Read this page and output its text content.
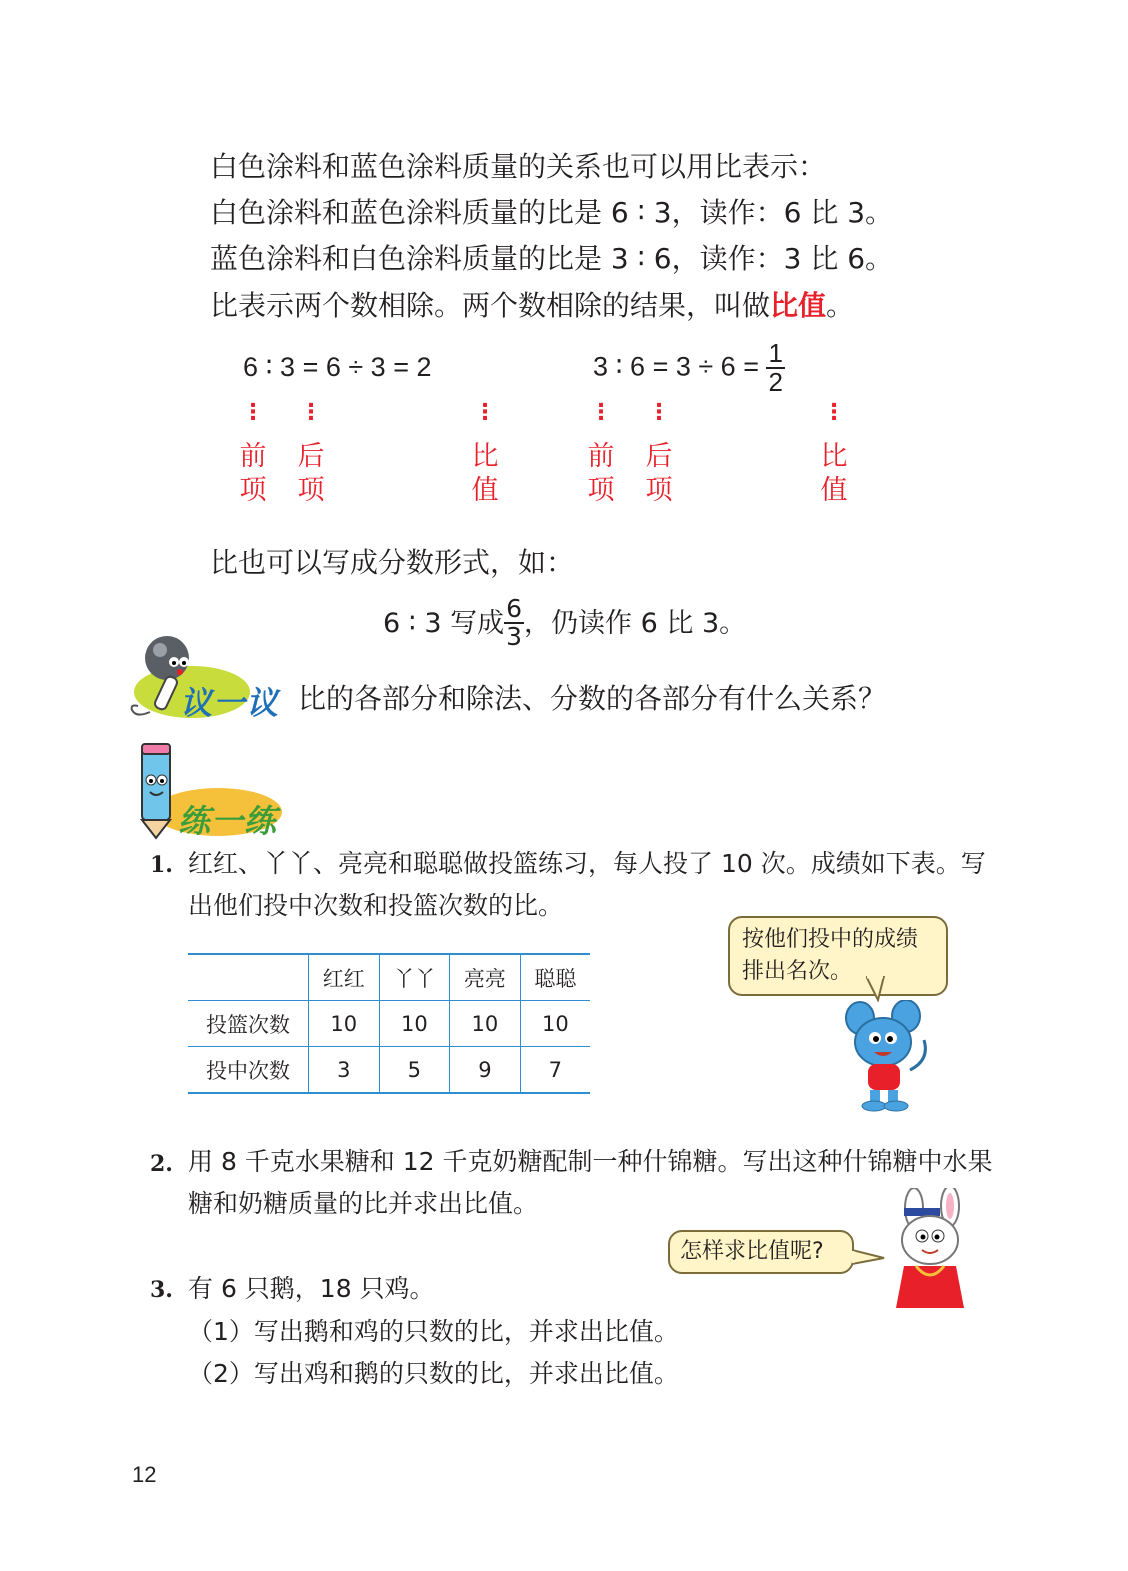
白色涂料和蓝色涂料质量的关系也可以用比表示：
白色涂料和蓝色涂料质量的比是 6 ∶ 3，读作：6 比 3。
蓝色涂料和白色涂料质量的比是 3 ∶ 6，读作：3 比 6。
比表示两个数相除。两个数相除的结果，叫做比值。
6 ∶ 3 = 6 ÷ 3 = 2	3 ∶ $6 = 3 \div 6 = \frac{1}{2}$
⋮ ⋮	⋮
前项
后项
比值
⋮ ⋮	⋮
前项
后项
比值
比也可以写成分数形式，如：
6 ∶ 3 写成 $\frac{6}{3}$ ，仍读作 6 比 3。
议一议 比的各部分和除法、分数的各部分有什么关系？
练一练
1. 红红、丫丫、亮亮和聪聪做投篮练习，每人投了 10 次。成绩如下表。写
出他们投中次数和投篮次数的比。
	红红	丫丫	亮亮	聪聪
投篮次数	10	10	10	10
投中次数	3	5	9	7
按他们投中的成绩
排出名次。
2. 用 8 千克水果糖和 12 千克奶糖配制一种什锦糖。写出这种什锦糖中水果
糖和奶糖质量的比并求出比值。
怎样求比值呢?
3. 有 6 只鹅，18 只鸡。
（1）写出鹅和鸡的只数的比，并求出比值。
（2）写出鸡和鹅的只数的比，并求出比值。
12
